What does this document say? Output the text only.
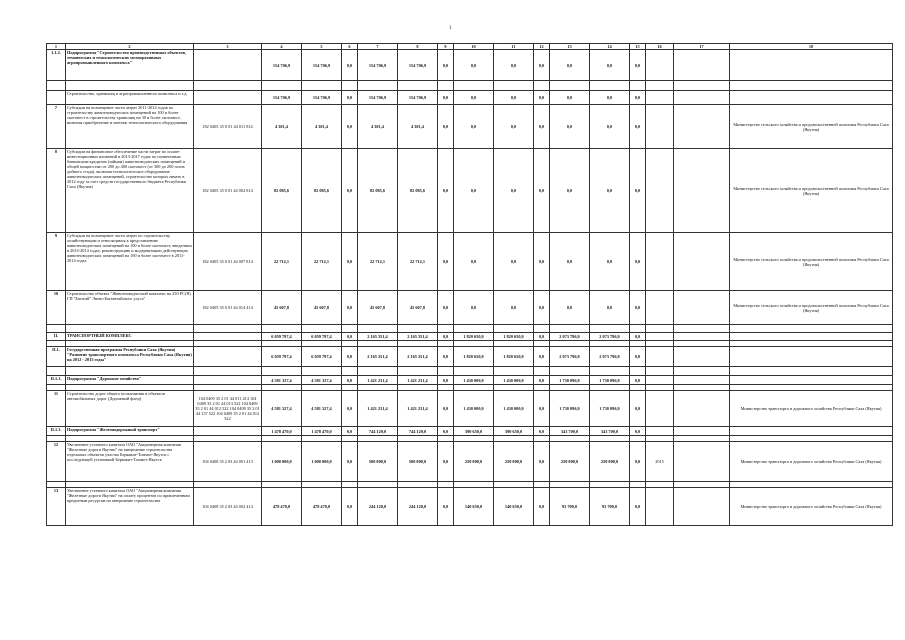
1
1	2	3	4	5	6	7	8	9	10	11	12	13	14	15	16	17	18
1.1.2.	Подпрограмма "Строительство производственных объектов, технических и технологических мелиоративных агропромышленного комплекса"		154 706,9	154 706,9	0,0	154 706,9	154 706,9	0,0	0,0	0,0	0,0	0,0	0,0	0,0			

	Строительство, хранилищ и агропромышленного комплекса и т.д.		154 706,9	154 706,9	0,0	154 706,9	154 706,9	0,0	0,0	0,0	0,0	0,0	0,0	0,0			
7	Субсидии на возмещение части затрат 2011-2014 годов по строительству животноводческих помещений на 100 и более скотомест в строительству хранилищ на 30 и более скотомест, включая приобретение и монтаж технологического оборудования	182 0405 35 0 01 44 011 814	4 301,4	4 301,4	0,0	4 301,4	4 301,4	0,0	0,0	0,0	0,0	0,0	0,0	0,0			Министерство сельского хозяйства и продовольственной политики Республики Саха (Якутия)
8	Субсидии на финансовое обеспечение части затрат по оплате инвестиционных вложений в 2013-2017 годах по починочным банковским кредитам (займам) животноводческих помещений и общей мощностью от 200 до 400 скотомест (от 300 до 200 голов дойного стада), включая технологическое оборудование животноводческих помещений, строительство которых начато в 2012 году за счет средств государственного бюджета Республики Саха (Якутия)	182 0405 35 0 01 44 002 814	82 085,6	82 085,6	0,0	82 085,6	82 085,6	0,0	0,0	0,0	0,0	0,0	0,0	0,0			Министерство сельского хозяйства и продовольственной политики Республики Саха (Якутия)
9	Субсидии на возмещение части затрат по строительству, хозяйствующим и относящимся к представлению животноводческих помещений на 100 и более скотомест, введенных в 2014-2014 годах, реконструкцию и модернизацию действующих животноводческих помещений на 100 и более скотомест в 2011-2014 годах	182 0405 35 0 01 44 007 814	22 712,1	22 712,1	0,0	22 712,1	22 712,1	0,0	0,0	0,0	0,0	0,0	0,0	0,0			Министерство сельского хозяйства и продовольственной политики Республики Саха (Якутия)
10	Строительство объекта "Животноводческий комплекс на 250 РС(Я) ГП "Батагай" Эвено-Бытантайского улуса"	182 0405 35 0 01 44 014 414	45 607,8	45 607,8	0,0	45 607,8	45 607,8	0,0	0,0	0,0	0,0	0,0	0,0	0,0			Министерство сельского хозяйства и продовольственной политики Республики Саха (Якутия)

II.	ТРАНСПОРТНЫЙ КОМПЛЕКС		6 059 797,4	6 059 797,4	0,0	2 165 351,4	2 165 351,4	0,0	1 820 650,0	1 820 650,0	0,0	2 073 796,0	2 073 796,0	0,0			

II.1.	Государственная программа Республики Саха (Якутия) "Развитие транспортного комплекса Республики Саха (Якутия) на 2012 - 2015 годы"		6 059 797,4	6 059 797,4	0,0	2 165 351,4	2 165 351,4	0,0	1 820 650,0	1 820 650,0	0,0	2 073 796,0	2 073 796,0	0,0			

II.1.1.	Подпрограмма "Дорожное хозяйство"		4 581 327,4	4 581 327,4	0,0	1 421 231,4	1 421 231,4	0,0	1 430 000,0	1 430 000,0	0,0	1 730 096,0	1 730 096,0	0,0			

11	Строительство дорог общего пользования и объектов автомобильных дорог (Дорожный фонд)	104 0409 35 2 01 44 011 414 104 0409 35 2 01 44 013 522 104 0409 35 2 01 44 012 522 104 0409 35 2 01 44 137 522 104 0409 35 2 01 44 012 522	4 581 327,4	4 581 327,4	0,0	1 421 231,4	1 421 231,4	0,0	1 430 000,0	1 430 000,0	0,0	1 730 096,0	1 730 096,0	0,0			Министерство транспорта и дорожного хозяйства Республики Саха (Якутия)
II.1.3.	Подпрограмма "Железнодорожный транспорт"		1 478 470,0	1 478 470,0	0,0	744 120,0	744 120,0	0,0	390 650,0	390 650,0	0,0	343 700,0	343 700,0	0,0			

12	Увеличение уставного капитала ОАО "Акционерная компания "Железные дороги Якутии" на завершение строительства отдельных объектов участка Беркакит-Томмот-Якутск с последующей установкой Беркакит-Томмот-Якутск	104 0408 35 2 03 44 001 413	1 000 000,0	1 000 000,0	0,0	500 000,0	500 000,0	0,0	250 000,0	250 000,0	0,0	250 000,0	250 000,0	0,0	2015		Министерство транспорта и дорожного хозяйства Республики Саха (Якутия)

13	Увеличение уставного капитала ОАО "Акционерная компания "Железные дороги Якутии" на оплату процентов по привлеченным кредитным ресурсам на завершение строительства	104 0408 35 2 03 44 002 414	478 470,0	478 470,0	0,0	244 120,0	244 120,0	0,0	140 650,0	140 650,0	0,0	93 700,0	93 700,0	0,0			Министерство транспорта и дорожного хозяйства Республики Саха (Якутия)
